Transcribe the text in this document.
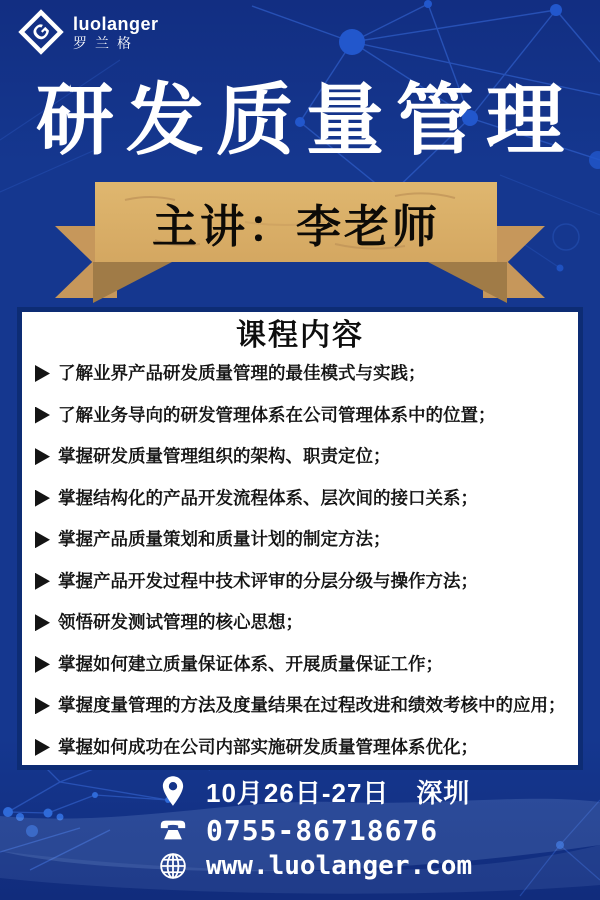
G luolanger
罗兰格
研发质量管理
主讲：李老师
课程内容
了解业界产品研发质量管理的最佳模式与实践；
了解业务导向的研发管理体系在公司管理体系中的位置；
掌握研发质量管理组织的架构、职责定位；
掌握结构化的产品开发流程体系、层次间的接口关系；
掌握产品质量策划和质量计划的制定方法；
掌握产品开发过程中技术评审的分层分级与操作方法；
领悟研发测试管理的核心思想；
掌握如何建立质量保证体系、开展质量保证工作；
掌握度量管理的方法及度量结果在过程改进和绩效考核中的应用；
掌握如何成功在公司内部实施研发质量管理体系优化；
10月26日-27日　深圳
0755-86718676
www.luolanger.com
